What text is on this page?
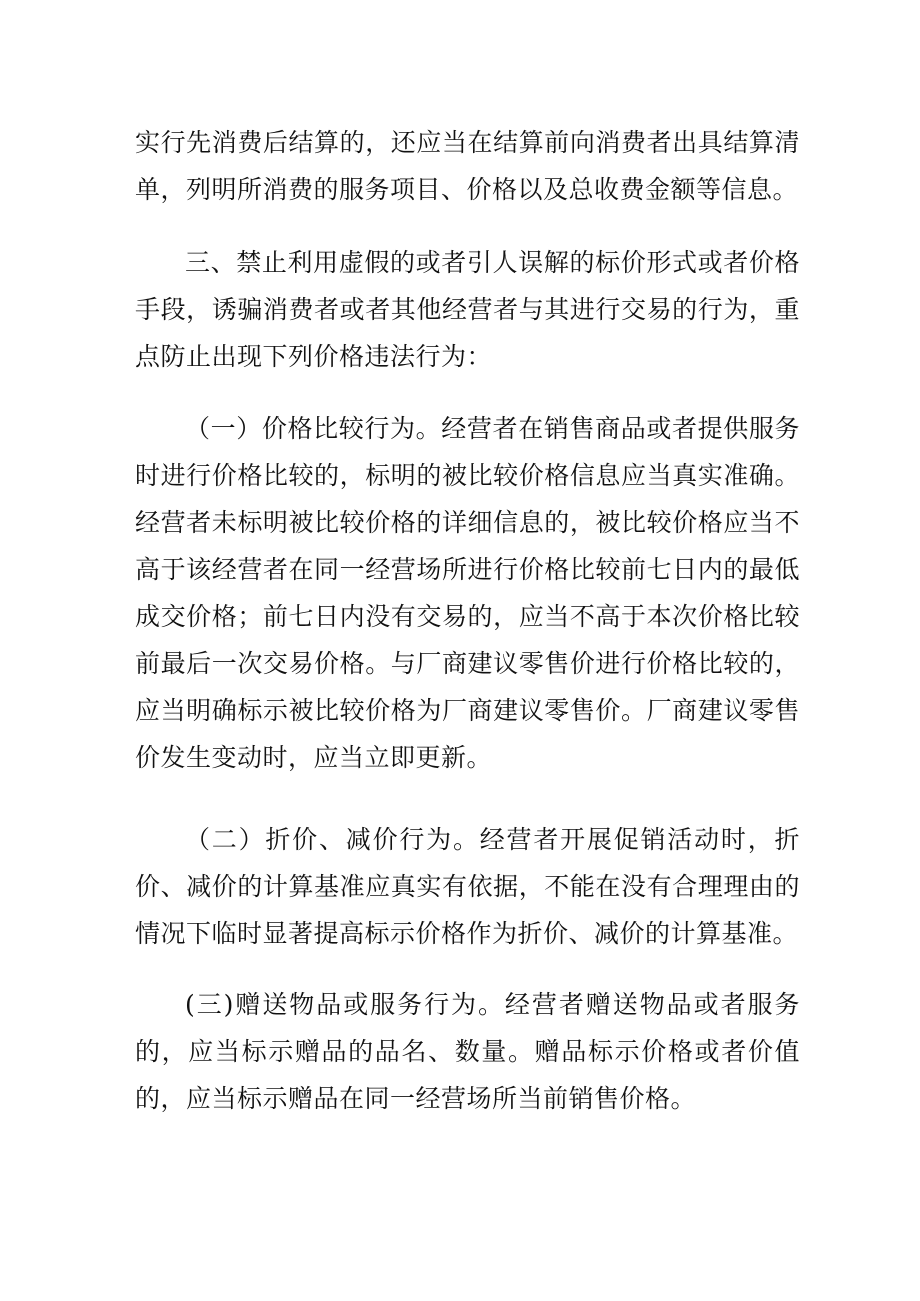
实行先消费后结算的，还应当在结算前向消费者出具结算清单，列明所消费的服务项目、价格以及总收费金额等信息。

三、禁止利用虚假的或者引人误解的标价形式或者价格手段，诱骗消费者或者其他经营者与其进行交易的行为，重点防止出现下列价格违法行为：

（一）价格比较行为。经营者在销售商品或者提供服务时进行价格比较的，标明的被比较价格信息应当真实准确。经营者未标明被比较价格的详细信息的，被比较价格应当不高于该经营者在同一经营场所进行价格比较前七日内的最低成交价格；前七日内没有交易的，应当不高于本次价格比较前最后一次交易价格。与厂商建议零售价进行价格比较的，应当明确标示被比较价格为厂商建议零售价。厂商建议零售价发生变动时，应当立即更新。

（二）折价、减价行为。经营者开展促销活动时，折价、减价的计算基准应真实有依据，不能在没有合理理由的情况下临时显著提高标示价格作为折价、减价的计算基准。

(三)赠送物品或服务行为。经营者赠送物品或者服务的，应当标示赠品的品名、数量。赠品标示价格或者价值的，应当标示赠品在同一经营场所当前销售价格。
